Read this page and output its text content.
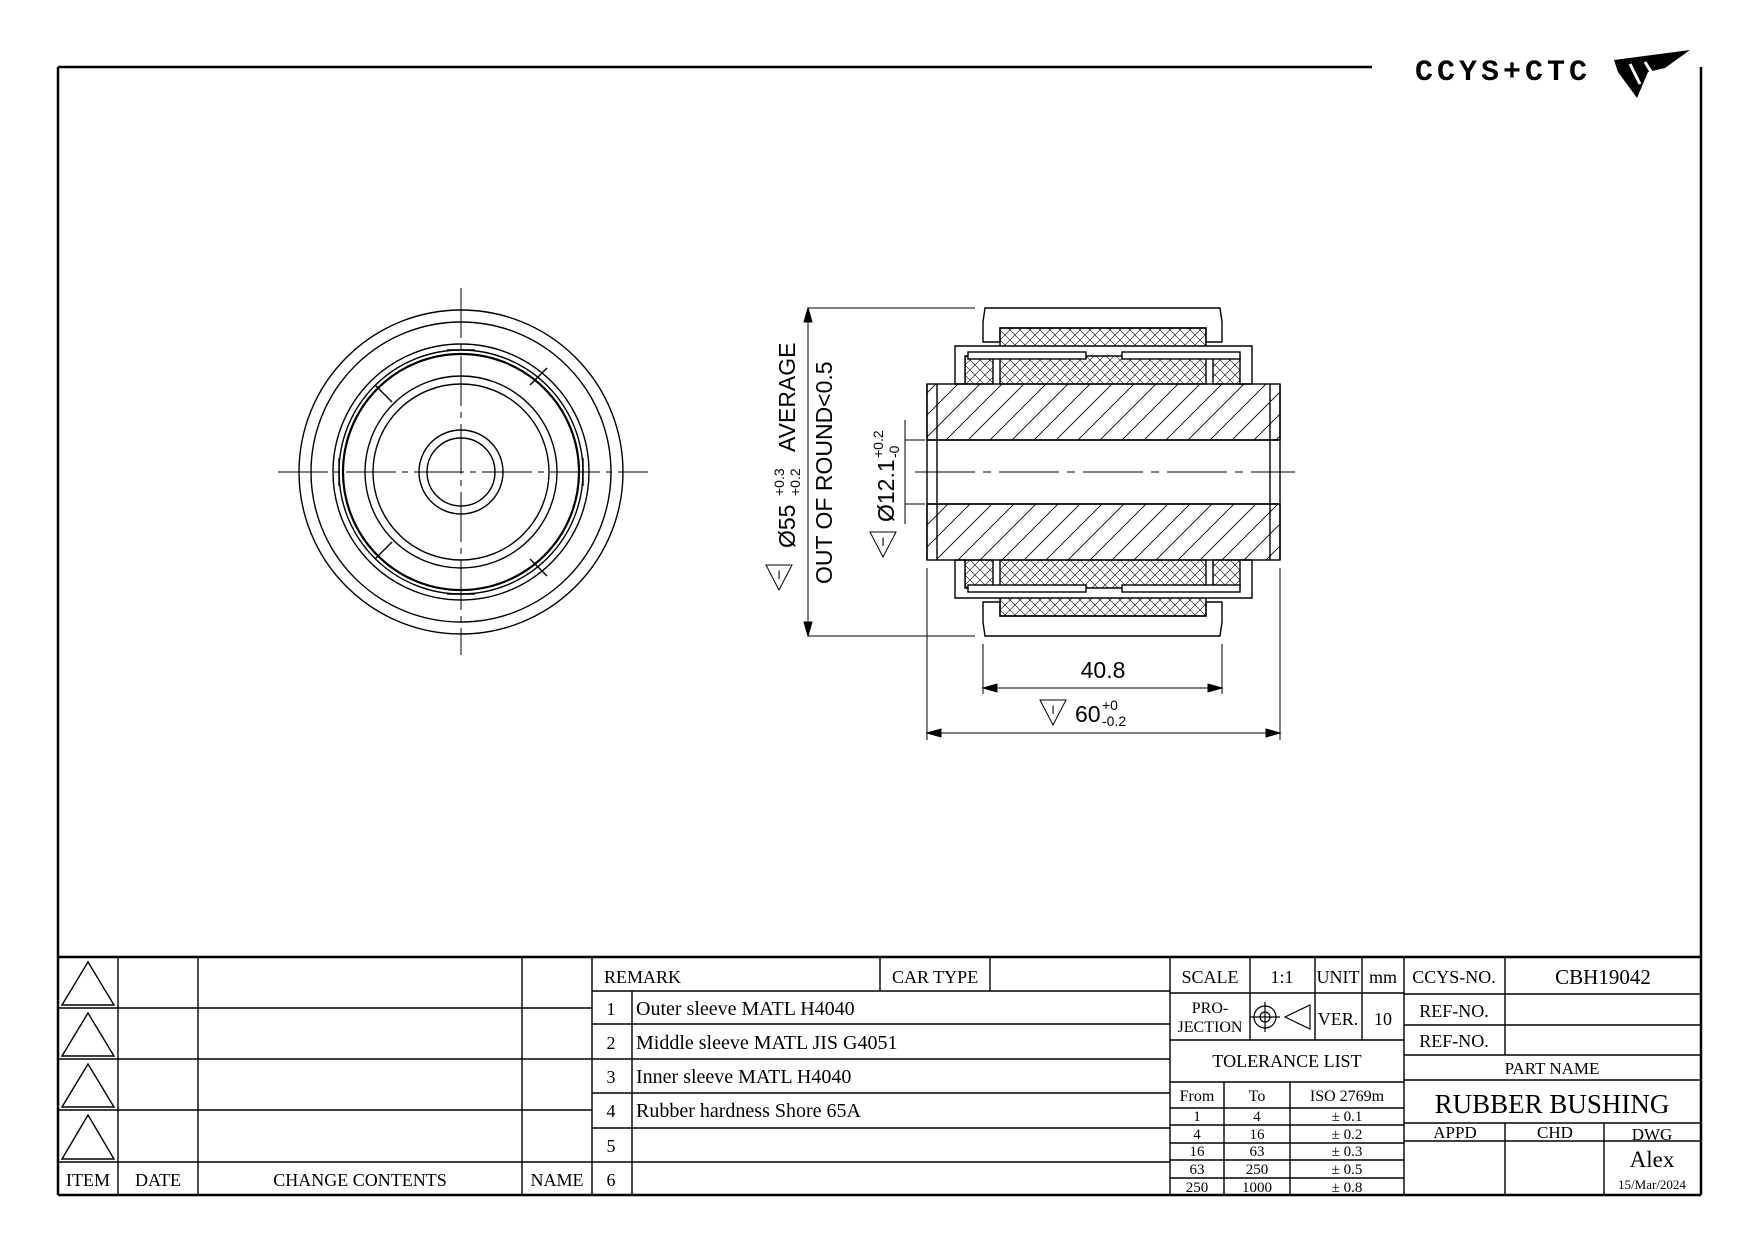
CCYS+CTC
I
I
I
Ø55
+0.3 +0.2
AVERAGE OUT OF ROUND<0.5 Ø12.1
+0.2 -0
40.8
60 +0
-0.2
ITEM DATE	CHANGE CONTENTS	NAME
REMARK	CAR TYPE
1 Outer sleeve MATL H4040
2 Middle sleeve MATL JIS G4051
3 Inner sleeve MATL H4040
4 Rubber hardness Shore 65A
5
6
SCALE 1:1 UNIT mm
PRO-
JECTION	VER. 10
TOLERANCE LIST
From To	ISO 2769m
1	4	± 0.1
4	16	± 0.2
16	63	± 0.3
63	250	± 0.5
250 1000	± 0.8
CCYS-NO.	CBH19042
REF-NO.
REF-NO.
PART NAME
RUBBER BUSHING
APPD	CHD	DWG
Alex
15/Mar/2024
